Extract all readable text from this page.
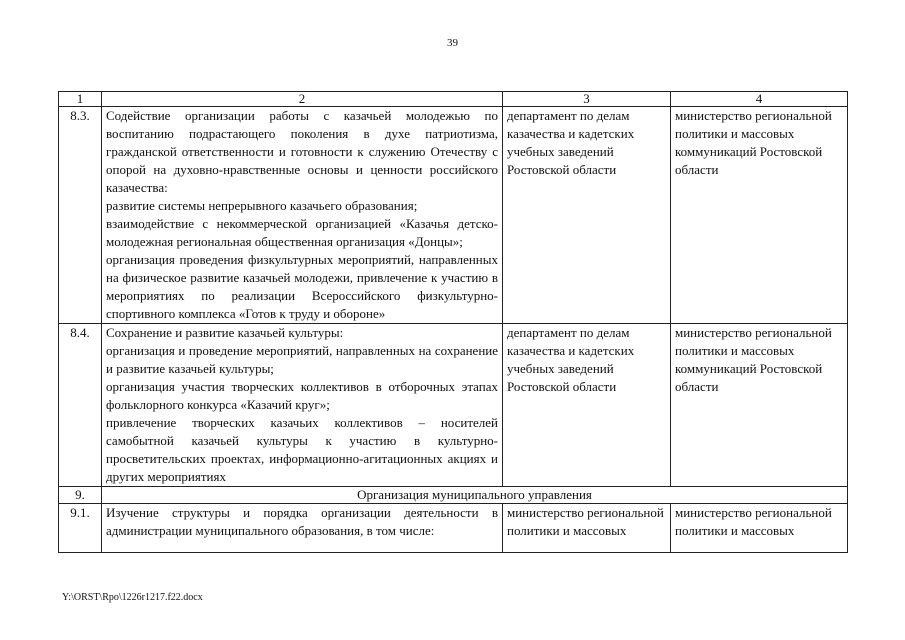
39
1	2	3	4
8.3.	Содействие организации работы с казачьей молодежью по воспитанию подрастающего поколения в духе патриотизма, гражданской ответственности и готовности к служению Отечеству с опорой на духовно-нравственные основы и ценности российского казачества:
развитие системы непрерывного казачьего образования;
взаимодействие с некоммерческой организацией «Казачья детско-молодежная региональная общественная организация «Донцы»;
организация проведения физкультурных мероприятий, направленных на физическое развитие казачьей молодежи, привлечение к участию в мероприятиях по реализации Всероссийского физкультурно-спортивного комплекса «Готов к труду и обороне»	департамент по делам казачества и кадетских учебных заведений Ростовской области	министерство региональной политики и массовых коммуникаций Ростовской области
8.4.	Сохранение и развитие казачьей культуры:
организация и проведение мероприятий, направленных на сохранение и развитие казачьей культуры;
организация участия творческих коллективов в отборочных этапах фольклорного конкурса «Казачий круг»;
привлечение творческих казачьих коллективов – носителей самобытной казачьей культуры к участию в культурно-просветительских проектах, информационно-агитационных акциях и других мероприятиях	департамент по делам казачества и кадетских учебных заведений Ростовской области	министерство региональной политики и массовых коммуникаций Ростовской области
9.	Организация муниципального управления		
9.1.	Изучение структуры и порядка организации деятельности в администрации муниципального образования, в том числе:	министерство региональной политики и массовых	министерство региональной политики и массовых
Y:\ORST\Rpo\1226r1217.f22.docx
